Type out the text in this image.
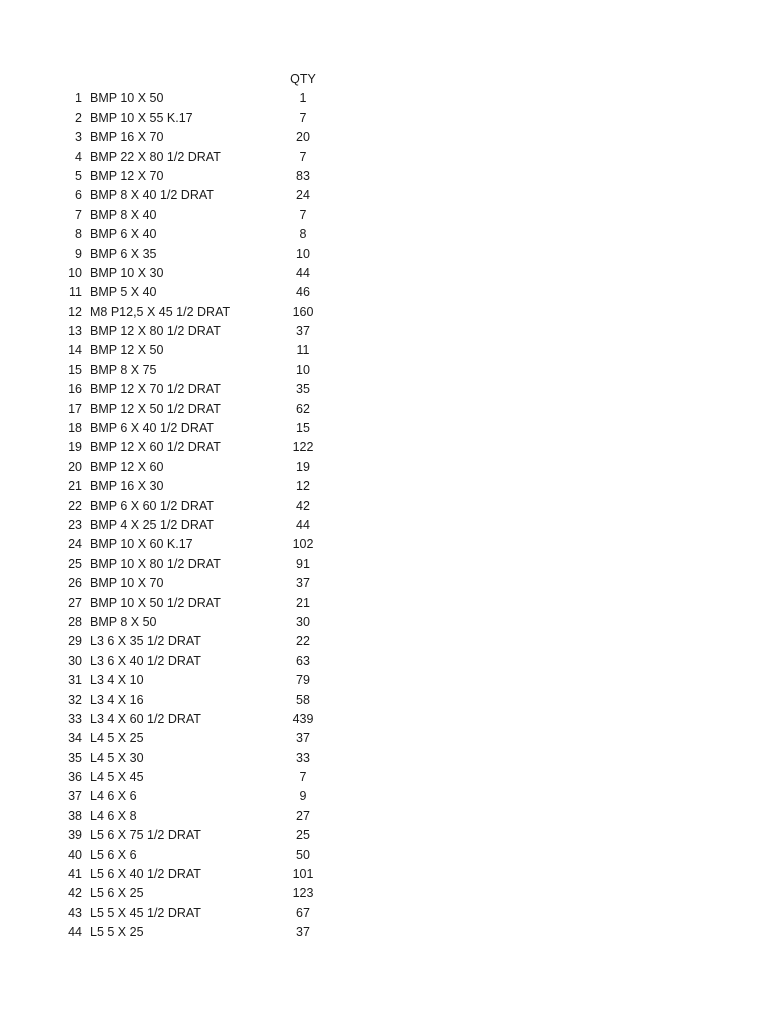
QTY
1 BMP 10 X 50	1
2 BMP 10 X 55 K.17	7
3 BMP 16 X 70	20
4 BMP 22 X 80 1/2 DRAT	7
5 BMP 12 X 70	83
6 BMP 8 X 40 1/2 DRAT	24
7 BMP 8 X 40	7
8 BMP 6 X 40	8
9 BMP 6 X 35	10
10 BMP 10 X 30	44
11 BMP 5 X 40	46
12 M8 P12,5 X 45 1/2 DRAT	160
13 BMP 12 X 80 1/2 DRAT	37
14 BMP 12 X 50	11
15 BMP 8 X 75	10
16 BMP 12 X 70 1/2 DRAT	35
17 BMP 12 X 50 1/2 DRAT	62
18 BMP 6 X 40 1/2 DRAT	15
19 BMP 12 X 60 1/2 DRAT	122
20 BMP 12 X 60	19
21 BMP 16 X 30	12
22 BMP 6 X 60 1/2 DRAT	42
23 BMP 4 X 25 1/2 DRAT	44
24 BMP 10 X 60 K.17	102
25 BMP 10 X 80 1/2 DRAT	91
26 BMP 10 X 70	37
27 BMP 10 X 50 1/2 DRAT	21
28 BMP 8 X 50	30
29 L3 6 X 35 1/2 DRAT	22
30 L3 6 X 40 1/2 DRAT	63
31 L3 4 X 10	79
32 L3 4 X 16	58
33 L3 4 X 60 1/2 DRAT	439
34 L4 5 X 25	37
35 L4 5 X 30	33
36 L4 5 X 45	7
37 L4 6 X 6	9
38 L4 6 X 8	27
39 L5 6 X 75 1/2 DRAT	25
40 L5 6 X 6	50
41 L5 6 X 40 1/2 DRAT	101
42 L5 6 X 25	123
43 L5 5 X 45 1/2 DRAT	67
44 L5 5 X 25	37
